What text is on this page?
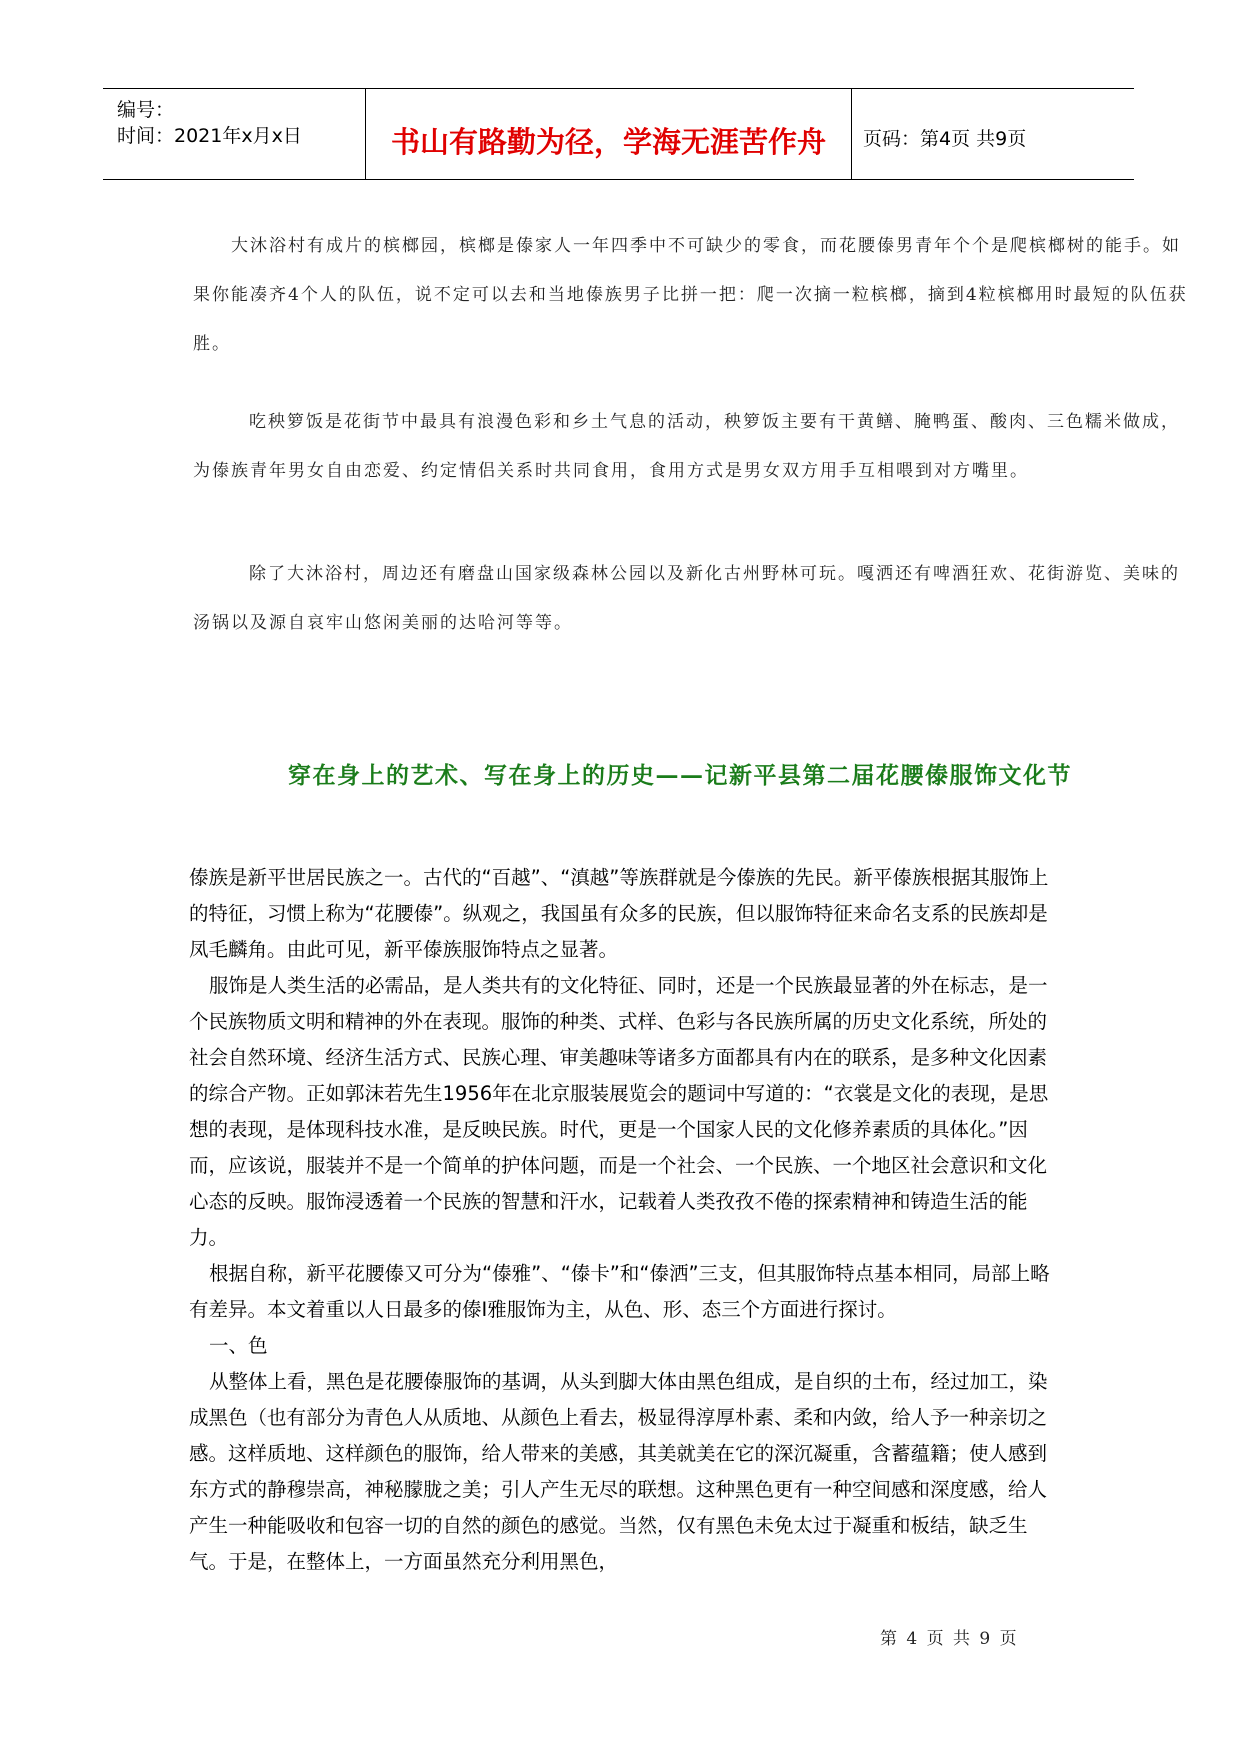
编号：
时间：2021年x月x日	书山有路勤为径，学海无涯苦作舟	页码：第4页 共9页

大沐浴村有成片的槟榔园，槟榔是傣家人一年四季中不可缺少的零食，而花腰傣男青年个个是爬槟榔树的能手。如果你能凑齐4个人的队伍，说不定可以去和当地傣族男子比拼一把：爬一次摘一粒槟榔，摘到4粒槟榔用时最短的队伍获胜。

吃秧箩饭是花街节中最具有浪漫色彩和乡土气息的活动，秧箩饭主要有干黄鳝、腌鸭蛋、酸肉、三色糯米做成，为傣族青年男女自由恋爱、约定情侣关系时共同食用，食用方式是男女双方用手互相喂到对方嘴里。

除了大沐浴村，周边还有磨盘山国家级森林公园以及新化古州野林可玩。嘎洒还有啤酒狂欢、花街游览、美味的汤锅以及源自哀牢山悠闲美丽的达哈河等等。

穿在身上的艺术、写在身上的历史——记新平县第二届花腰傣服饰文化节

傣族是新平世居民族之一。古代的“百越”、“滇越”等族群就是今傣族的先民。新平傣族根据其服饰上的特征，习惯上称为“花腰傣”。纵观之，我国虽有众多的民族，但以服饰特征来命名支系的民族却是凤毛麟角。由此可见，新平傣族服饰特点之显著。

服饰是人类生活的必需品，是人类共有的文化特征、同时，还是一个民族最显著的外在标志，是一个民族物质文明和精神的外在表现。服饰的种类、式样、色彩与各民族所属的历史文化系统，所处的社会自然环境、经济生活方式、民族心理、审美趣味等诸多方面都具有内在的联系，是多种文化因素的综合产物。正如郭沫若先生1956年在北京服装展览会的题词中写道的：“衣裳是文化的表现，是思想的表现，是体现科技水准，是反映民族。时代，更是一个国家人民的文化修养素质的具体化。”因而，应该说，服装并不是一个简单的护体问题，而是一个社会、一个民族、一个地区社会意识和文化心态的反映。服饰浸透着一个民族的智慧和汗水，记载着人类孜孜不倦的探索精神和铸造生活的能力。

根据自称，新平花腰傣又可分为“傣雅”、“傣卡”和“傣洒”三支，但其服饰特点基本相同，局部上略有差异。本文着重以人日最多的傣Ⅰ雅服饰为主，从色、形、态三个方面进行探讨。

一、色

从整体上看，黑色是花腰傣服饰的基调，从头到脚大体由黑色组成，是自织的土布，经过加工，染成黑色（也有部分为青色人从质地、从颜色上看去，极显得淳厚朴素、柔和内敛，给人予一种亲切之感。这样质地、这样颜色的服饰，给人带来的美感，其美就美在它的深沉凝重，含蓄蕴籍；使人感到东方式的静穆崇高，神秘朦胧之美；引人产生无尽的联想。这种黑色更有一种空间感和深度感，给人产生一种能吸收和包容一切的自然的颜色的感觉。当然，仅有黑色未免太过于凝重和板结，缺乏生气。于是，在整体上，一方面虽然充分利用黑色，

第 4 页 共 9 页
